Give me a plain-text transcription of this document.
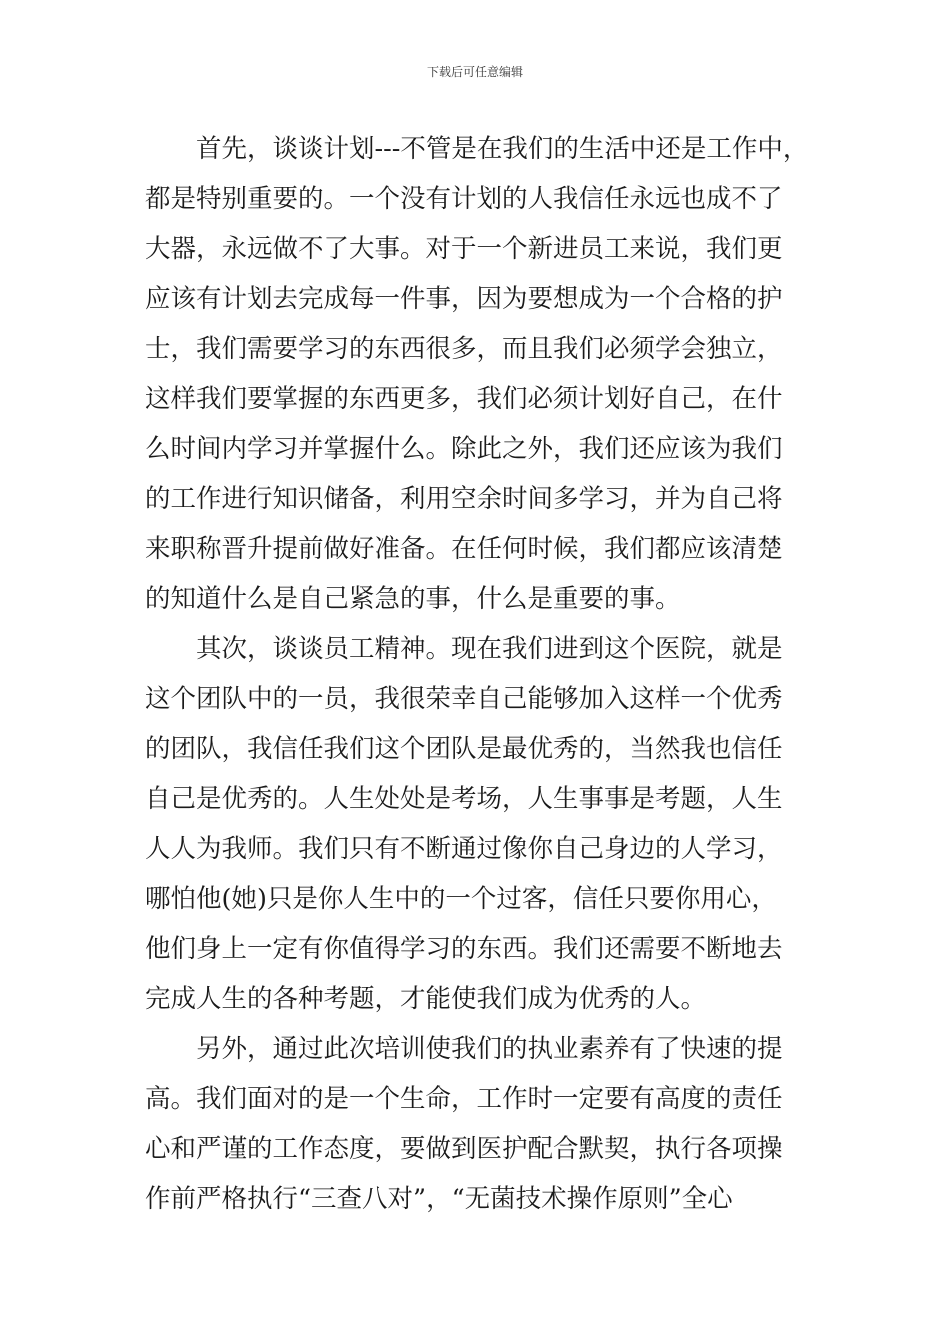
下载后可任意编辑
首先，谈谈计划---不管是在我们的生活中还是工作中，
都是特别重要的。一个没有计划的人我信任永远也成不了
大器，永远做不了大事。对于一个新进员工来说，我们更
应该有计划去完成每一件事，因为要想成为一个合格的护
士，我们需要学习的东西很多，而且我们必须学会独立，
这样我们要掌握的东西更多，我们必须计划好自己，在什
么时间内学习并掌握什么。除此之外，我们还应该为我们
的工作进行知识储备，利用空余时间多学习，并为自己将
来职称晋升提前做好准备。在任何时候，我们都应该清楚
的知道什么是自己紧急的事，什么是重要的事。
其次，谈谈员工精神。现在我们进到这个医院，就是
这个团队中的一员，我很荣幸自己能够加入这样一个优秀
的团队，我信任我们这个团队是最优秀的，当然我也信任
自己是优秀的。人生处处是考场，人生事事是考题，人生
人人为我师。我们只有不断通过像你自己身边的人学习，
哪怕他(她)只是你人生中的一个过客，信任只要你用心，
他们身上一定有你值得学习的东西。我们还需要不断地去
完成人生的各种考题，才能使我们成为优秀的人。
另外，通过此次培训使我们的执业素养有了快速的提
高。我们面对的是一个生命，工作时一定要有高度的责任
心和严谨的工作态度，要做到医护配合默契，执行各项操
作前严格执行“三查八对”，“无菌技术操作原则”全心
